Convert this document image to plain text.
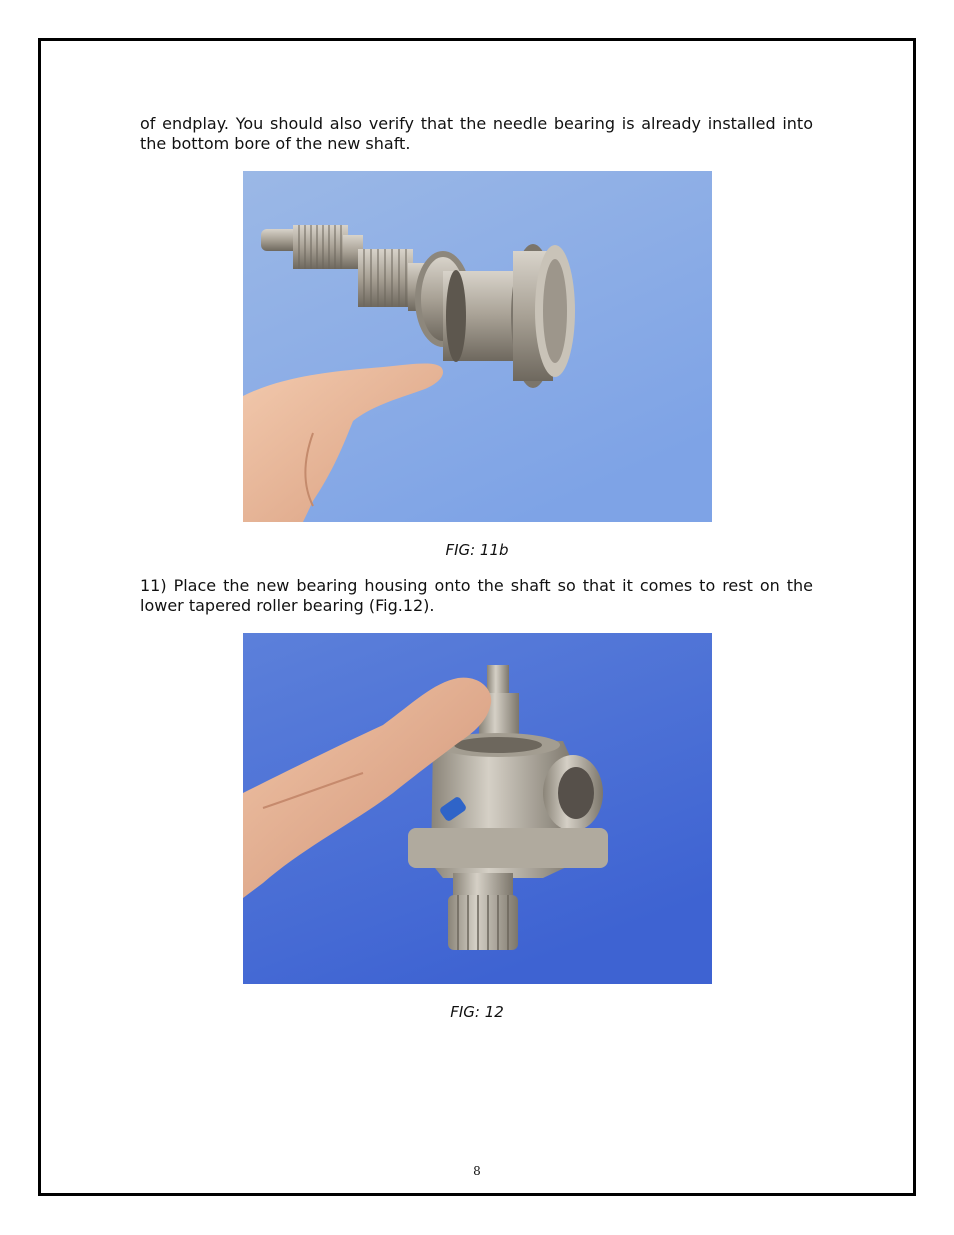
of endplay. You should also verify that the needle bearing is already installed into the bottom bore of the new shaft.

FIG: 11b

11) Place the new bearing housing onto the shaft so that it comes to rest on the lower tapered roller bearing (Fig.12).

FIG: 12
8
